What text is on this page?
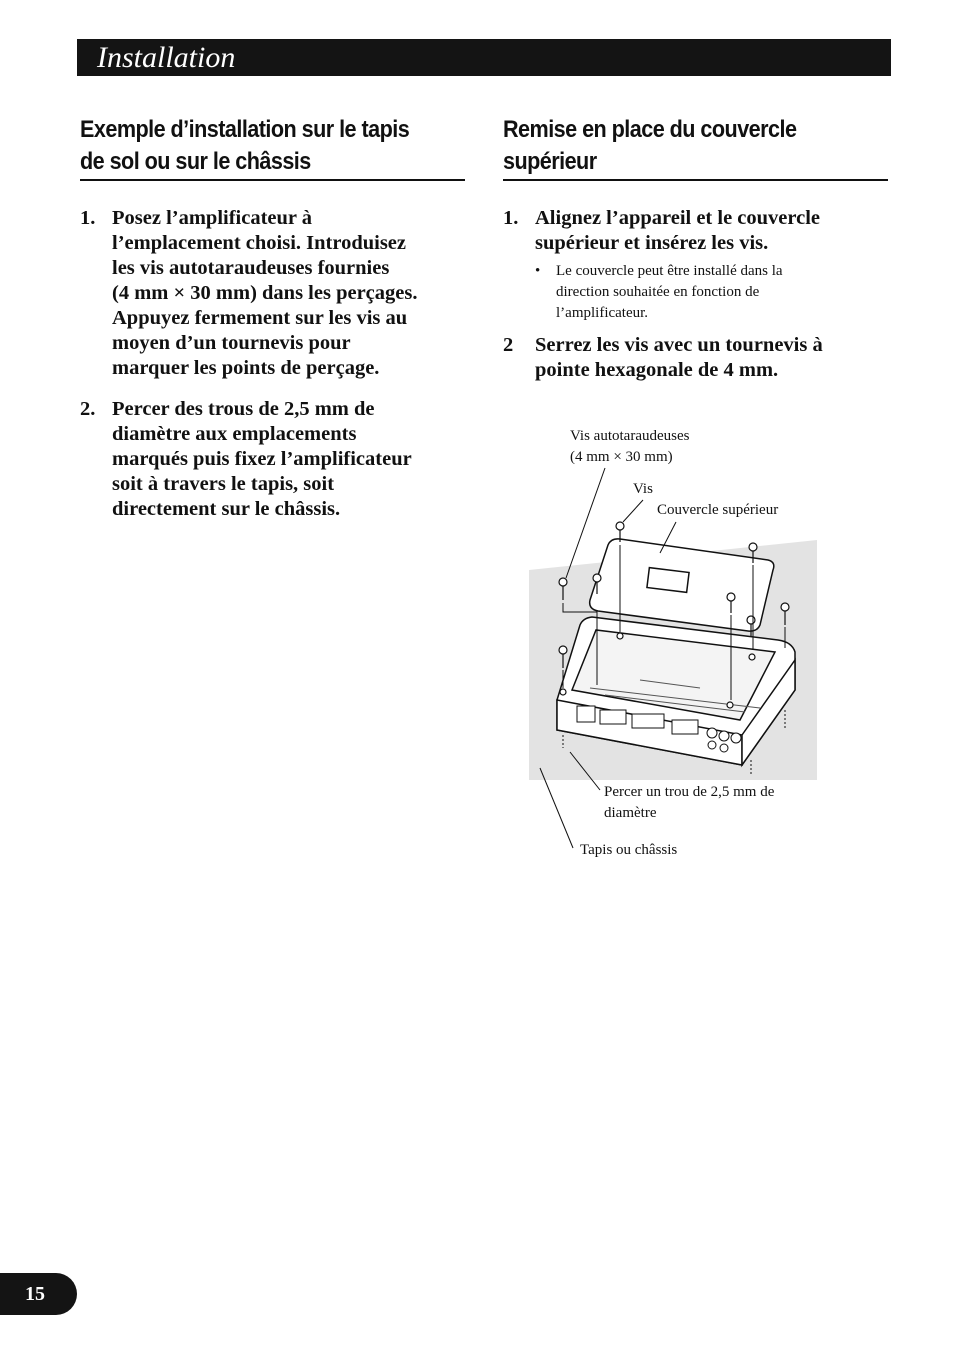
Installation
Exemple d’installation sur le tapis
de sol ou sur le châssis
1. Posez l’amplificateur à
l’emplacement choisi. Introduisez
les vis autotaraudeuses fournies
(4 mm × 30 mm) dans les perçages.
Appuyez fermement sur les vis au
moyen d’un tournevis pour
marquer les points de perçage.
2. Percer des trous de 2,5 mm de
diamètre aux emplacements
marqués puis fixez l’amplificateur
soit à travers le tapis, soit
directement sur le châssis.
Remise en place du couvercle
supérieur
1. Alignez l’appareil et le couvercle
supérieur et insérez les vis.
• Le couvercle peut être installé dans la
direction souhaitée en fonction de
l’amplificateur.
2 Serrez les vis avec un tournevis à
pointe hexagonale de 4 mm.
Vis autotaraudeuses
(4 mm × 30 mm)
Vis
Couvercle supérieur
Percer un trou de 2,5 mm de
diamètre
Tapis ou châssis
15
